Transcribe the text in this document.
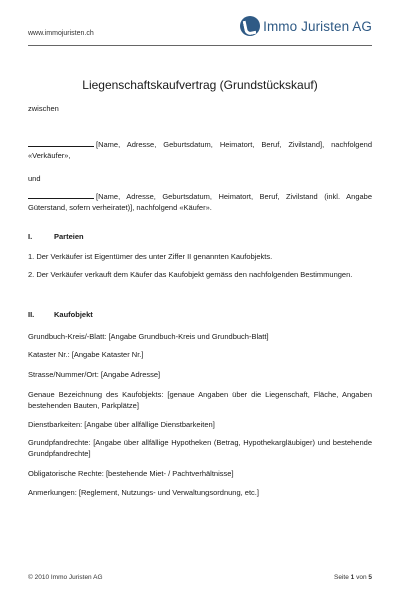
www.immojuristen.ch	Immo Juristen AG
Liegenschaftskaufvertrag (Grundstückskauf)
zwischen
[Name, Adresse, Geburtsdatum, Heimatort, Beruf, Zivilstand], nachfolgend «Verkäufer»,
und
[Name, Adresse, Geburtsdatum, Heimatort, Beruf, Zivilstand (inkl. Angabe Güterstand, sofern verheiratet)], nachfolgend «Käufer».
I.	Parteien
1. Der Verkäufer ist Eigentümer des unter Ziffer II genannten Kaufobjekts.
2. Der Verkäufer verkauft dem Käufer das Kaufobjekt gemäss den nachfolgenden Bestimmungen.
II.	Kaufobjekt
Grundbuch-Kreis/-Blatt: [Angabe Grundbuch-Kreis und Grundbuch-Blatt]
Kataster Nr.: [Angabe Kataster Nr.]
Strasse/Nummer/Ort: [Angabe Adresse]
Genaue Bezeichnung des Kaufobjekts: [genaue Angaben über die Liegenschaft, Fläche, Angaben bestehenden Bauten, Parkplätze]
Dienstbarkeiten: [Angabe über allfällige Dienstbarkeiten]
Grundpfandrechte: [Angabe über allfällige Hypotheken (Betrag, Hypothekargläubiger) und bestehende Grundpfandrechte]
Obligatorische Rechte: [bestehende Miet- / Pachtverhältnisse]
Anmerkungen: [Reglement, Nutzungs- und Verwaltungsordnung, etc.]
© 2010 Immo Juristen AG	Seite 1 von 5
